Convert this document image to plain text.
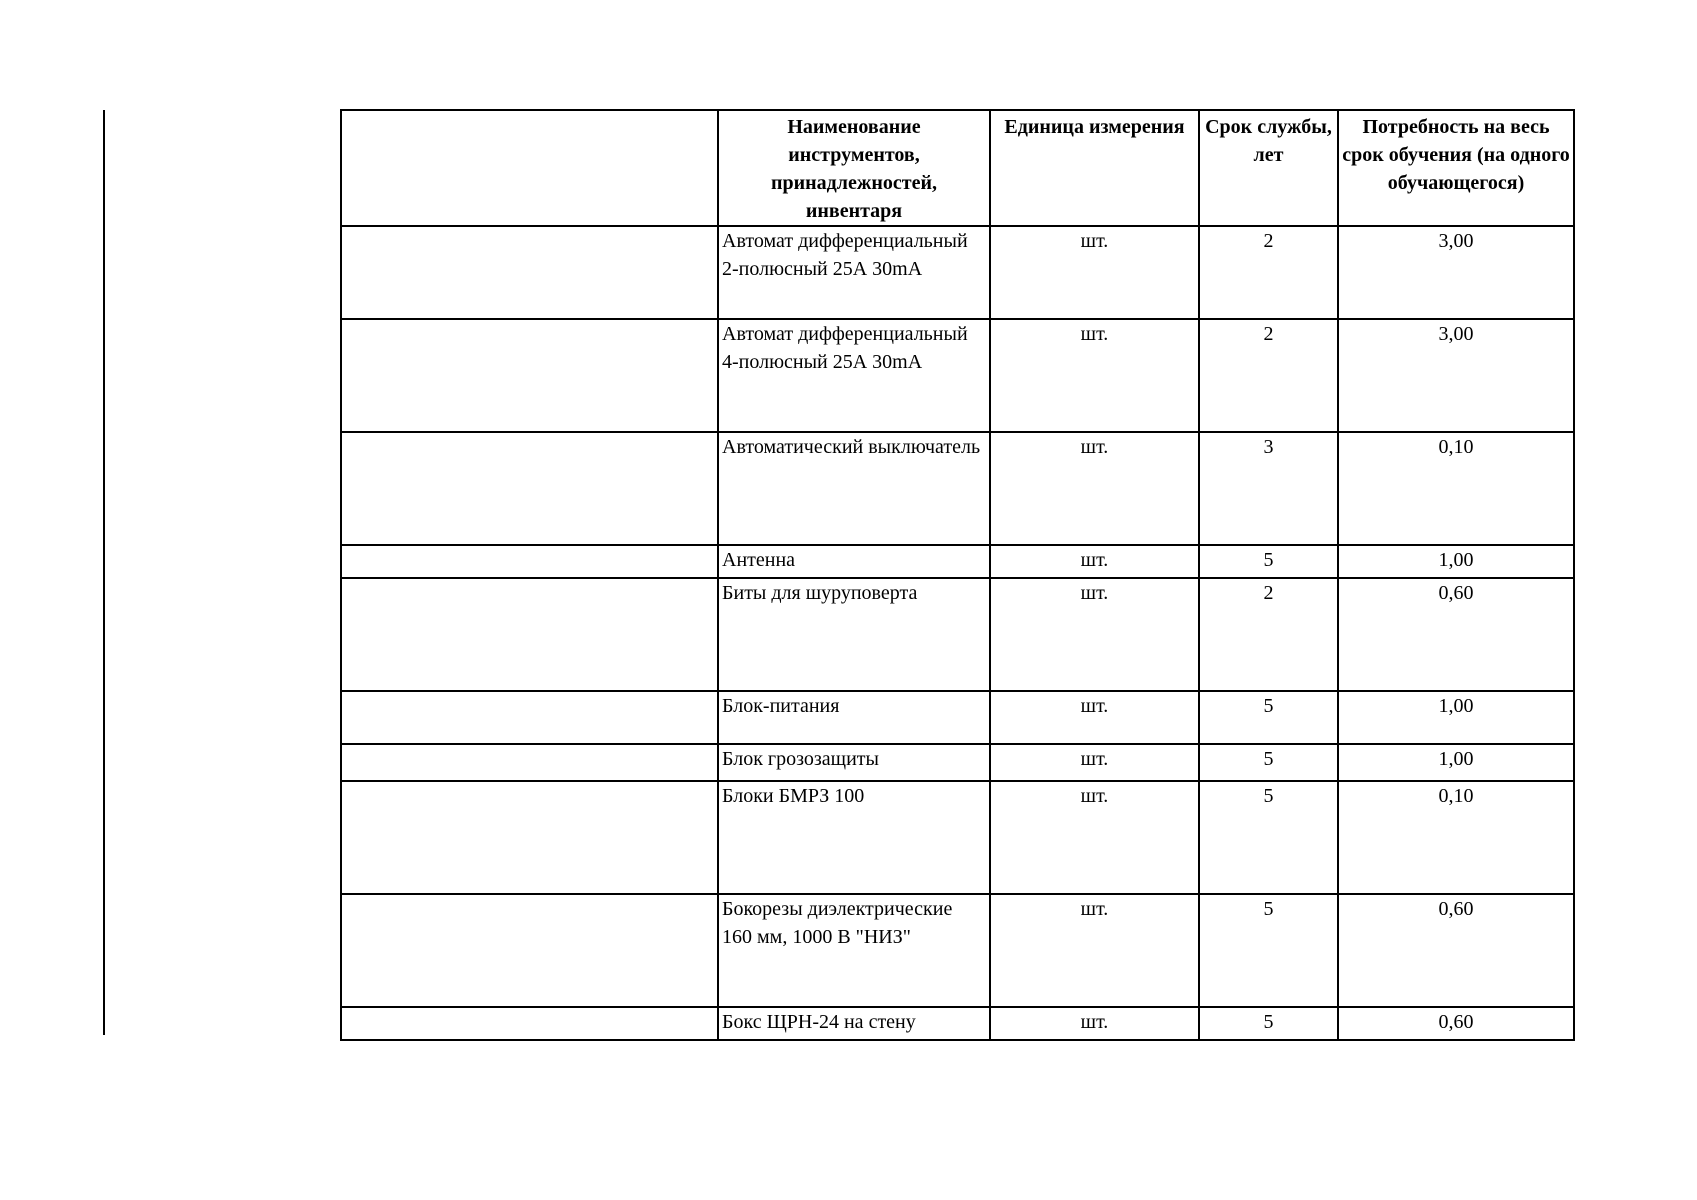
	Наименование инструментов, принадлежностей, инвентаря	Единица измерения	Срок службы, лет	Потребность на весь срок обучения (на одного обучающегося)
	Автомат дифференциальный 2-полюсный 25А 30mA	шт.	2	3,00
	Автомат дифференциальный 4-полюсный 25А 30mA	шт.	2	3,00
	Автоматический выключатель	шт.	3	0,10
	Антенна	шт.	5	1,00
	Биты для шуруповерта	шт.	2	0,60
	Блок-питания	шт.	5	1,00
	Блок грозозащиты	шт.	5	1,00
	Блоки БМРЗ 100	шт.	5	0,10
	Бокорезы диэлектрические 160 мм, 1000 В "НИЗ"	шт.	5	0,60
	Бокс ЩРН-24 на стену	шт.	5	0,60
